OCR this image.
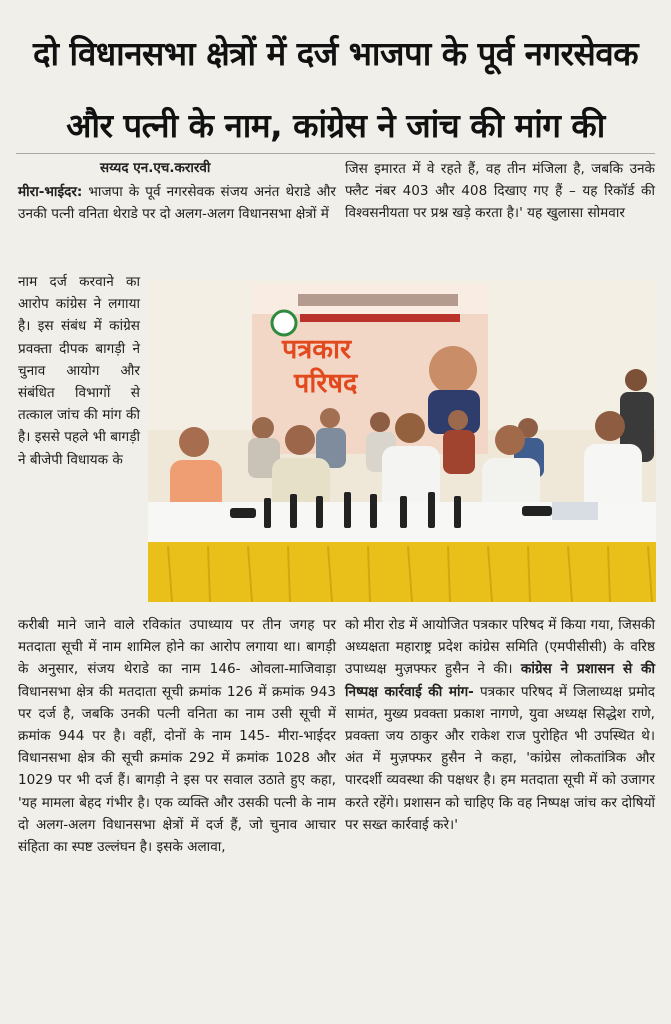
दो विधानसभा क्षेत्रों में दर्ज भाजपा के पूर्व नगरसेवक
और पत्नी के नाम, कांग्रेस ने जांच की मांग की
सय्यद एन.एच.करारवी
मीरा-भाईदर: भाजपा के पूर्व नगरसेवक संजय अनंत थेराडे और उनकी पत्नी वनिता थेराडे पर दो अलग-अलग विधानसभा क्षेत्रों में
नाम दर्ज करवाने का आरोप कांग्रेस ने लगाया है। इस संबंध में कांग्रेस प्रवक्ता दीपक बागड़ी ने चुनाव आयोग और संबंधित विभागों से तत्काल जांच की मांग की है। इससे पहले भी बागड़ी ने बीजेपी विधायक के
करीबी माने जाने वाले रविकांत उपाध्याय पर तीन जगह पर मतदाता सूची में नाम शामिल होने का आरोप लगाया था। बागड़ी के अनुसार, संजय थेराडे का नाम 146- ओवला-माजिवाड़ा विधानसभा क्षेत्र की मतदाता सूची क्रमांक 126 में क्रमांक 943 पर दर्ज है, जबकि उनकी पत्नी वनिता का नाम उसी सूची में क्रमांक 944 पर है। वहीं, दोनों के नाम 145- मीरा-भाईदर विधानसभा क्षेत्र की सूची क्रमांक 292 में क्रमांक 1028 और 1029 पर भी दर्ज हैं। बागड़ी ने इस पर सवाल उठाते हुए कहा, 'यह मामला बेहद गंभीर है। एक व्यक्ति और उसकी पत्नी के नाम दो अलग-अलग विधानसभा क्षेत्रों में दर्ज हैं, जो चुनाव आचार संहिता का स्पष्ट उल्लंघन है। इसके अलावा,
जिस इमारत में वे रहते हैं, वह तीन मंजिला है, जबकि उनके फ्लैट नंबर 403 और 408 दिखाए गए हैं – यह रिकॉर्ड की विश्वसनीयता पर प्रश्न खड़े करता है।' यह खुलासा सोमवार
को मीरा रोड में आयोजित पत्रकार परिषद में किया गया, जिसकी अध्यक्षता महाराष्ट्र प्रदेश कांग्रेस समिति (एमपीसीसी) के वरिष्ठ उपाध्यक्ष मुज़फ्फर हुसैन ने की। कांग्रेस ने प्रशासन से की निष्पक्ष कार्रवाई की मांग- पत्रकार परिषद में जिलाध्यक्ष प्रमोद सामंत, मुख्य प्रवक्ता प्रकाश नागणे, युवा अध्यक्ष सिद्धेश राणे, प्रवक्ता जय ठाकुर और राकेश राज पुरोहित भी उपस्थित थे। अंत में मुज़फ्फर हुसैन ने कहा, 'कांग्रेस लोकतांत्रिक और पारदर्शी व्यवस्था की पक्षधर है। हम मतदाता सूची में को उजागर करते रहेंगे। प्रशासन को चाहिए कि वह निष्पक्ष जांच कर दोषियों पर सख्त कार्रवाई करे।'
पत्रकार
परिषद
